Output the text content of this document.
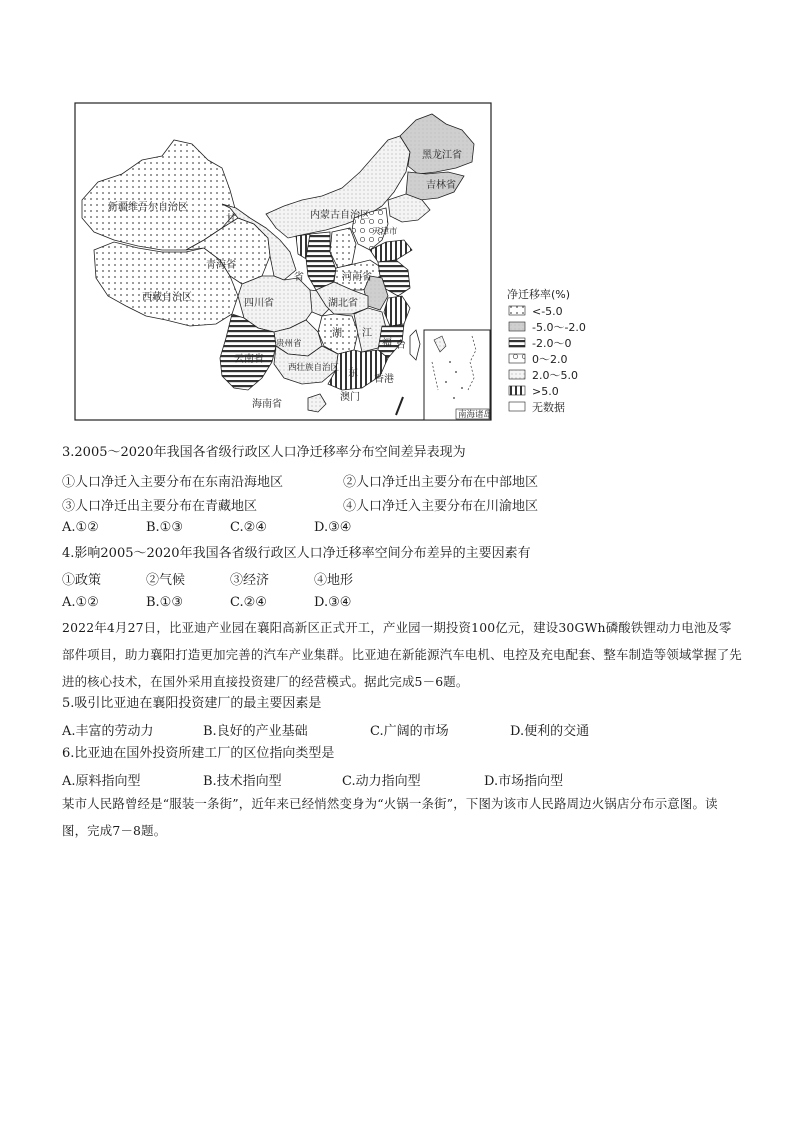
新疆维吾尔自治区
西藏自治区
青海省
甘
四川省
云南省
贵州省
西壮族自治区 东
海南省
湖
湖北省
河南省
省
内蒙古自治区
黑龙江省
吉林省
天津市
江
福 台
香港
澳门
南海诸岛
净迁移率(%)
<-5.0
-5.0～-2.0
-2.0～0
0～2.0
2.0～5.0
>5.0
无数据
3.2005～2020年我国各省级行政区人口净迁移率分布空间差异表现为
①人口净迁入主要分布在东南沿海地区	②人口净迁出主要分布在中部地区
③人口净迁出主要分布在青藏地区	④人口净迁入主要分布在川渝地区
A.①②	B.①③	C.②④	D.③④
4.影响2005～2020年我国各省级行政区人口净迁移率空间分布差异的主要因素有
①政策	②气候	③经济	④地形
A.①②	B.①③	C.②④	D.③④
2022年4月27日，比亚迪产业园在襄阳高新区正式开工，产业园一期投资100亿元，建设30GWh磷酸铁锂动力电池及零部件项目，助力襄阳打造更加完善的汽车产业集群。比亚迪在新能源汽车电机、电控及充电配套、整车制造等领域掌握了先进的核心技术，在国外采用直接投资建厂的经营模式。据此完成5－6题。
5.吸引比亚迪在襄阳投资建厂的最主要因素是
A.丰富的劳动力	B.良好的产业基础	C.广阔的市场	D.便利的交通
6.比亚迪在国外投资所建工厂的区位指向类型是
A.原料指向型	B.技术指向型	C.动力指向型	D.市场指向型
某市人民路曾经是“服装一条街”，近年来已经悄然变身为“火锅一条街”，下图为该市人民路周边火锅店分布示意图。读图，完成7－8题。
